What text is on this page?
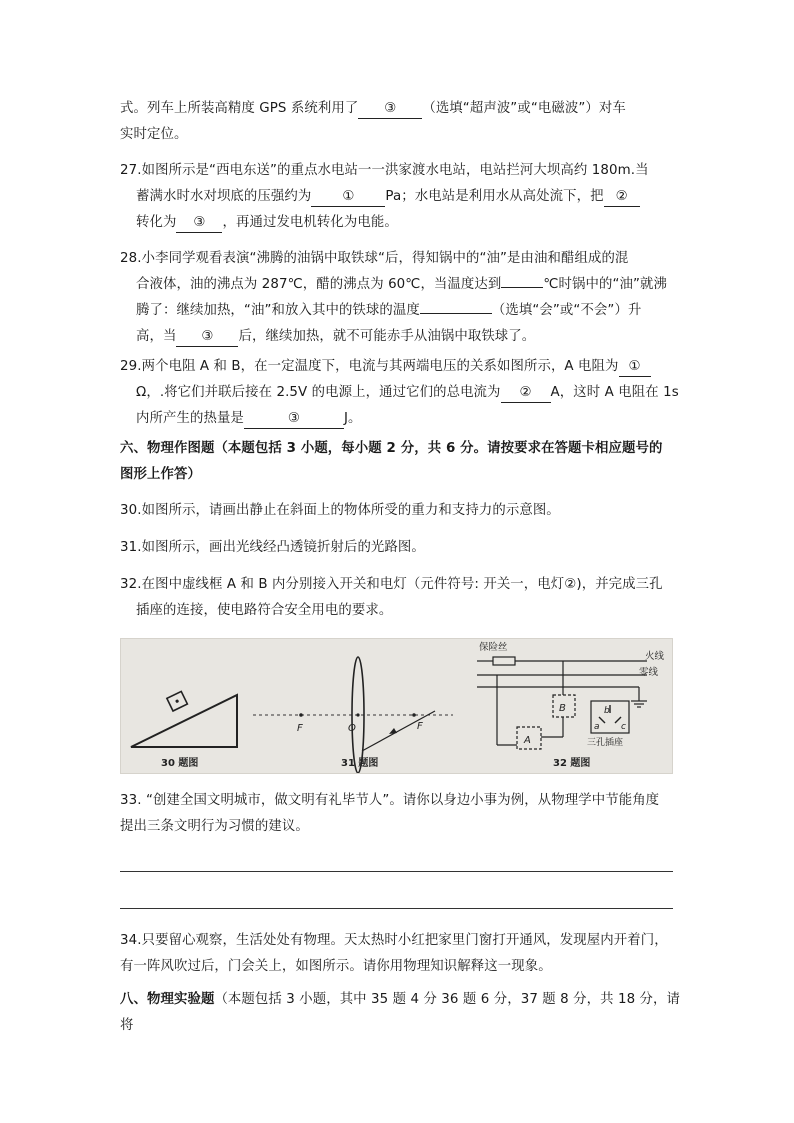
式。列车上所装高精度 GPS 系统利用了 ③ （选填“超声波”或“电磁波”）对车
实时定位。
27.如图所示是“西电东送”的重点水电站一一洪家渡水电站，电站拦河大坝高约 180m.当
蓄满水时水对坝底的压强约为 ① Pa；水电站是利用水从高处流下，把 ②
转化为 ③ ，再通过发电机转化为电能。
28.小李同学观看表演“沸腾的油锅中取铁球“后，得知锅中的“油”是由油和醋组成的混
合液体，油的沸点为 287℃，醋的沸点为 60℃，当温度达到	℃时锅中的“油”就沸
腾了：继续加热，“油”和放入其中的铁球的温度	（选填“会”或“不会”）升
高，当 ③ 后，继续加热，就不可能赤手从油锅中取铁球了。
29.两个电阻 A 和 B，在一定温度下，电流与其两端电压的关系如图所示，A 电阻为 ①
Ω，.将它们并联后接在 2.5V 的电源上，通过它们的总电流为 ② A，这时 A 电阻在 1s
内所产生的热量是	③	J。
六、物理作图题（本题包括 3 小题，每小题 2 分，共 6 分。请按要求在答题卡相应题号的
图形上作答）
30.如图所示，请画出静止在斜面上的物体所受的重力和支持力的示意图。
31.如图所示，画出光线经凸透镜折射后的光路图。
32.在图中虚线框 A 和 B 内分别接入开关和电灯（元件符号: 开关一，电灯②)，并完成三孔
插座的连接，使电路符合安全用电的要求。
30 题图
F	F
O
31 题图
保险丝
火线
零线
A
B	b
a c
三孔插座
32 题图
33. “创建全国文明城市，做文明有礼毕节人”。请你以身边小事为例，从物理学中节能角度
提出三条文明行为习惯的建议。
34.只要留心观察，生活处处有物理。天太热时小红把家里门窗打开通风，发现屋内开着门，
有一阵风吹过后，门会关上，如图所示。请你用物理知识解释这一现象。
八、物理实验题（本题包括 3 小题，其中 35 题 4 分 36 题 6 分，37 题 8 分，共 18 分，请将
